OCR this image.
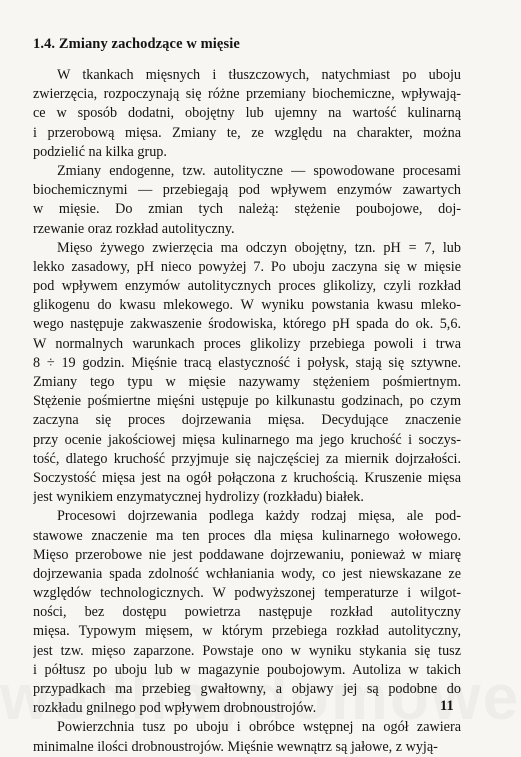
1.4. Zmiany zachodzące w mięsie
W tkankach mięsnych i tłuszczowych, natychmiast po uboju
zwierzęcia, rozpoczynają się różne przemiany biochemiczne, wpływają-
ce w sposób dodatni, obojętny lub ujemny na wartość kulinarną
i przerobową mięsa. Zmiany te, ze względu na charakter, można
podzielić na kilka grup.
Zmiany endogenne, tzw. autolityczne — spowodowane procesami
biochemicznymi — przebiegają pod wpływem enzymów zawartych
w mięsie. Do zmian tych należą: stężenie poubojowe, doj-
rzewanie oraz rozkład autolityczny.
Mięso żywego zwierzęcia ma odczyn obojętny, tzn. pH = 7, lub
lekko zasadowy, pH nieco powyżej 7. Po uboju zaczyna się w mięsie
pod wpływem enzymów autolitycznych proces glikolizy, czyli rozkład
glikogenu do kwasu mlekowego. W wyniku powstania kwasu mleko-
wego następuje zakwaszenie środowiska, którego pH spada do ok. 5,6.
W normalnych warunkach proces glikolizy przebiega powoli i trwa
8 ÷ 19 godzin. Mięśnie tracą elastyczność i połysk, stają się sztywne.
Zmiany tego typu w mięsie nazywamy stężeniem pośmiertnym.
Stężenie pośmiertne mięśni ustępuje po kilkunastu godzinach, po czym
zaczyna się proces dojrzewania mięsa. Decydujące znaczenie
przy ocenie jakościowej mięsa kulinarnego ma jego kruchość i soczys-
tość, dlatego kruchość przyjmuje się najczęściej za miernik dojrzałości.
Soczystość mięsa jest na ogół połączona z kruchością. Kruszenie mięsa
jest wynikiem enzymatycznej hydrolizy (rozkładu) białek.
Procesowi dojrzewania podlega każdy rodzaj mięsa, ale pod-
stawowe znaczenie ma ten proces dla mięsa kulinarnego wołowego.
Mięso przerobowe nie jest poddawane dojrzewaniu, ponieważ w miarę
dojrzewania spada zdolność wchłaniania wody, co jest niewskazane ze
względów technologicznych. W podwyższonej temperaturze i wilgot-
ności, bez dostępu powietrza następuje rozkład autolityczny
mięsa. Typowym mięsem, w którym przebiega rozkład autolityczny,
jest tzw. mięso zaparzone. Powstaje ono w wyniku stykania się tusz
i półtusz po uboju lub w magazynie poubojowym. Autoliza w takich
przypadkach ma przebieg gwałtowny, a objawy jej są podobne do
rozkładu gnilnego pod wpływem drobnoustrojów.
Powierzchnia tusz po uboju i obróbce wstępnej na ogół zawiera
minimalne ilości drobnoustrojów. Mięśnie wewnątrz są jałowe, z wyją-
11
